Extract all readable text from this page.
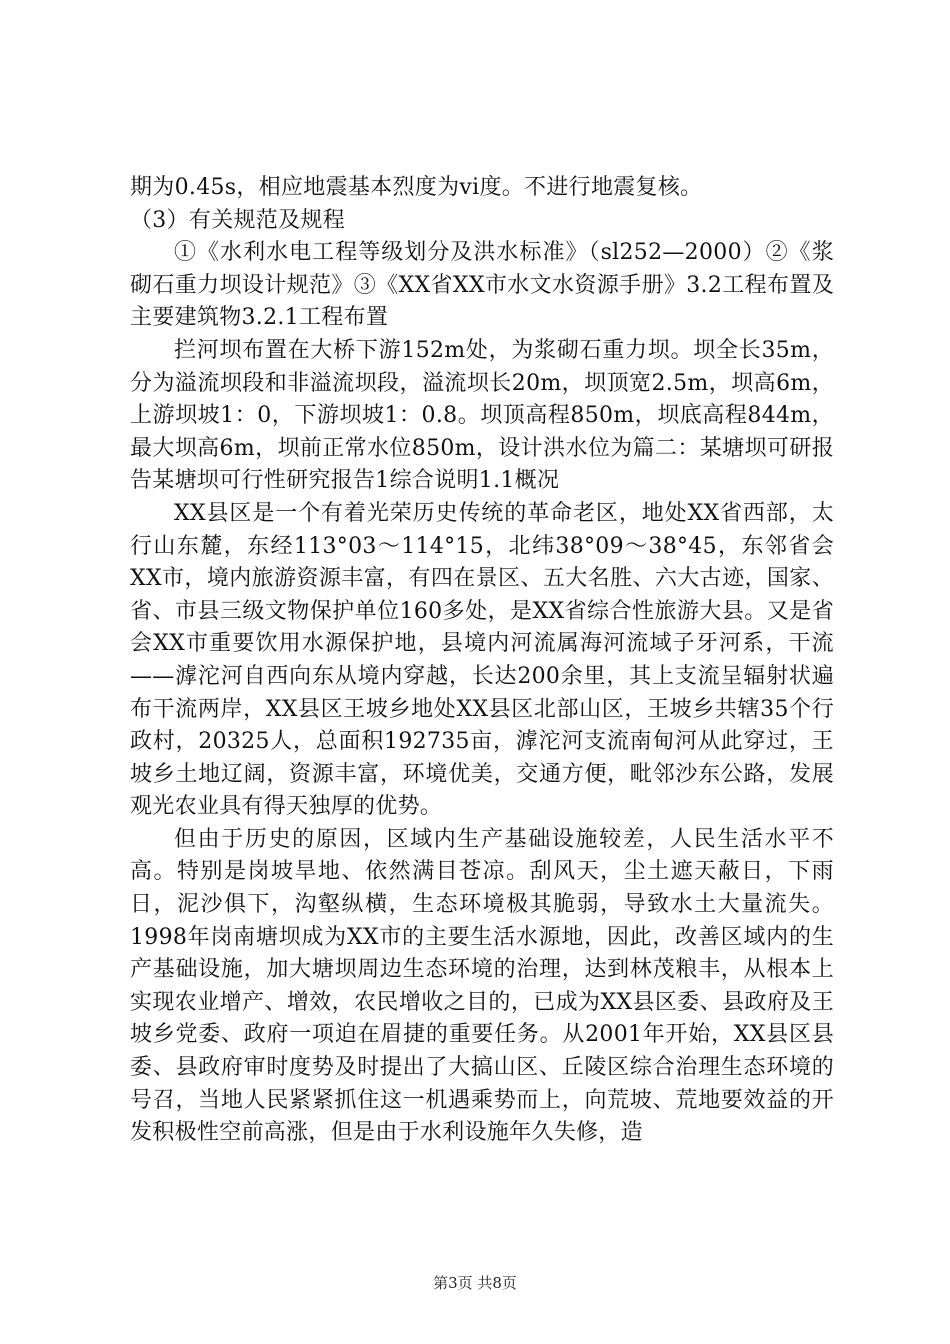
期为0.45s，相应地震基本烈度为vi度。不进行地震复核。

（3）有关规范及规程

①《水利水电工程等级划分及洪水标准》（sl252—2000）②《浆砌石重力坝设计规范》③《XX省XX市水文水资源手册》3.2工程布置及主要建筑物3.2.1工程布置

拦河坝布置在大桥下游152m处，为浆砌石重力坝。坝全长35m，分为溢流坝段和非溢流坝段，溢流坝长20m，坝顶宽2.5m，坝高6m，上游坝坡1：0，下游坝坡1：0.8。坝顶高程850m，坝底高程844m，最大坝高6m，坝前正常水位850m，设计洪水位为篇二：某塘坝可研报告某塘坝可行性研究报告1综合说明1.1概况

XX县区是一个有着光荣历史传统的革命老区，地处XX省西部，太行山东麓，东经113°03～114°15，北纬38°09～38°45，东邻省会XX市，境内旅游资源丰富，有四在景区、五大名胜、六大古迹，国家、省、市县三级文物保护单位160多处，是XX省综合性旅游大县。又是省会XX市重要饮用水源保护地，县境内河流属海河流域子牙河系，干流——滹沱河自西向东从境内穿越，长达200余里，其上支流呈辐射状遍布干流两岸，XX县区王坡乡地处XX县区北部山区，王坡乡共辖35个行政村，20325人，总面积192735亩，滹沱河支流南甸河从此穿过，王坡乡土地辽阔，资源丰富，环境优美，交通方便，毗邻沙东公路，发展观光农业具有得天独厚的优势。

但由于历史的原因，区域内生产基础设施较差，人民生活水平不高。特别是岗坡旱地、依然满目苍凉。刮风天，尘土遮天蔽日，下雨日，泥沙俱下，沟壑纵横，生态环境极其脆弱，导致水土大量流失。1998年岗南塘坝成为XX市的主要生活水源地，因此，改善区域内的生产基础设施，加大塘坝周边生态环境的治理，达到林茂粮丰，从根本上实现农业增产、增效，农民增收之目的，已成为XX县区委、县政府及王坡乡党委、政府一项迫在眉捷的重要任务。从2001年开始，XX县区县委、县政府审时度势及时提出了大搞山区、丘陵区综合治理生态环境的号召，当地人民紧紧抓住这一机遇乘势而上，向荒坡、荒地要效益的开发积极性空前高涨，但是由于水利设施年久失修，造

第3页 共8页
